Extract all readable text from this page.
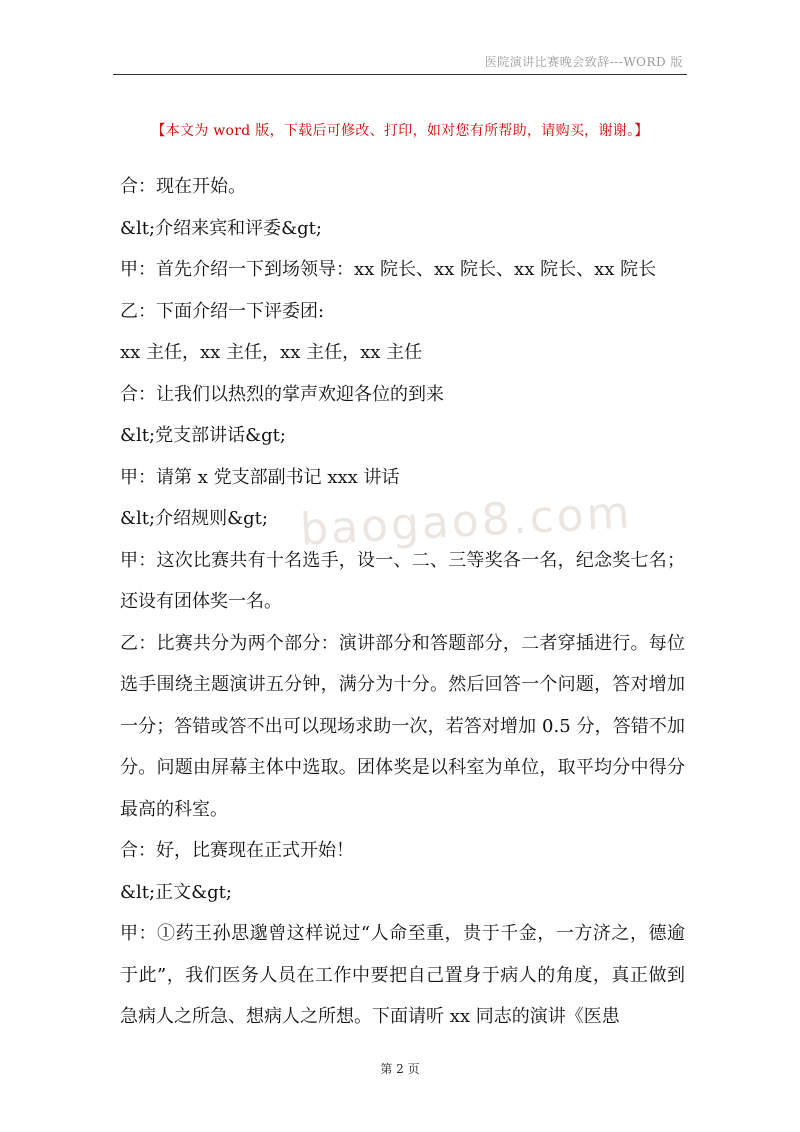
医院演讲比赛晚会致辞---WORD 版
【本文为 word 版，下载后可修改、打印，如对您有所帮助，请购买，谢谢。】
baogao8.com

合：现在开始。

&lt;介绍来宾和评委&gt;

甲：首先介绍一下到场领导：xx 院长、xx 院长、xx 院长、xx 院长

乙：下面介绍一下评委团:

xx 主任，xx 主任，xx 主任，xx 主任

合：让我们以热烈的掌声欢迎各位的到来

&lt;党支部讲话&gt;

甲：请第 x 党支部副书记 xxx 讲话

&lt;介绍规则&gt;

甲：这次比赛共有十名选手，设一、二、三等奖各一名，纪念奖七名；还设有团体奖一名。

乙：比赛共分为两个部分：演讲部分和答题部分，二者穿插进行。每位选手围绕主题演讲五分钟，满分为十分。然后回答一个问题，答对增加一分；答错或答不出可以现场求助一次，若答对增加 0.5 分，答错不加分。问题由屏幕主体中选取。团体奖是以科室为单位，取平均分中得分最高的科室。

合：好，比赛现在正式开始！

&lt;正文&gt;

甲：①药王孙思邈曾这样说过“人命至重，贵于千金，一方济之，德逾于此”，我们医务人员在工作中要把自己置身于病人的角度，真正做到急病人之所急、想病人之所想。下面请听 xx 同志的演讲《医患

第 2 页
